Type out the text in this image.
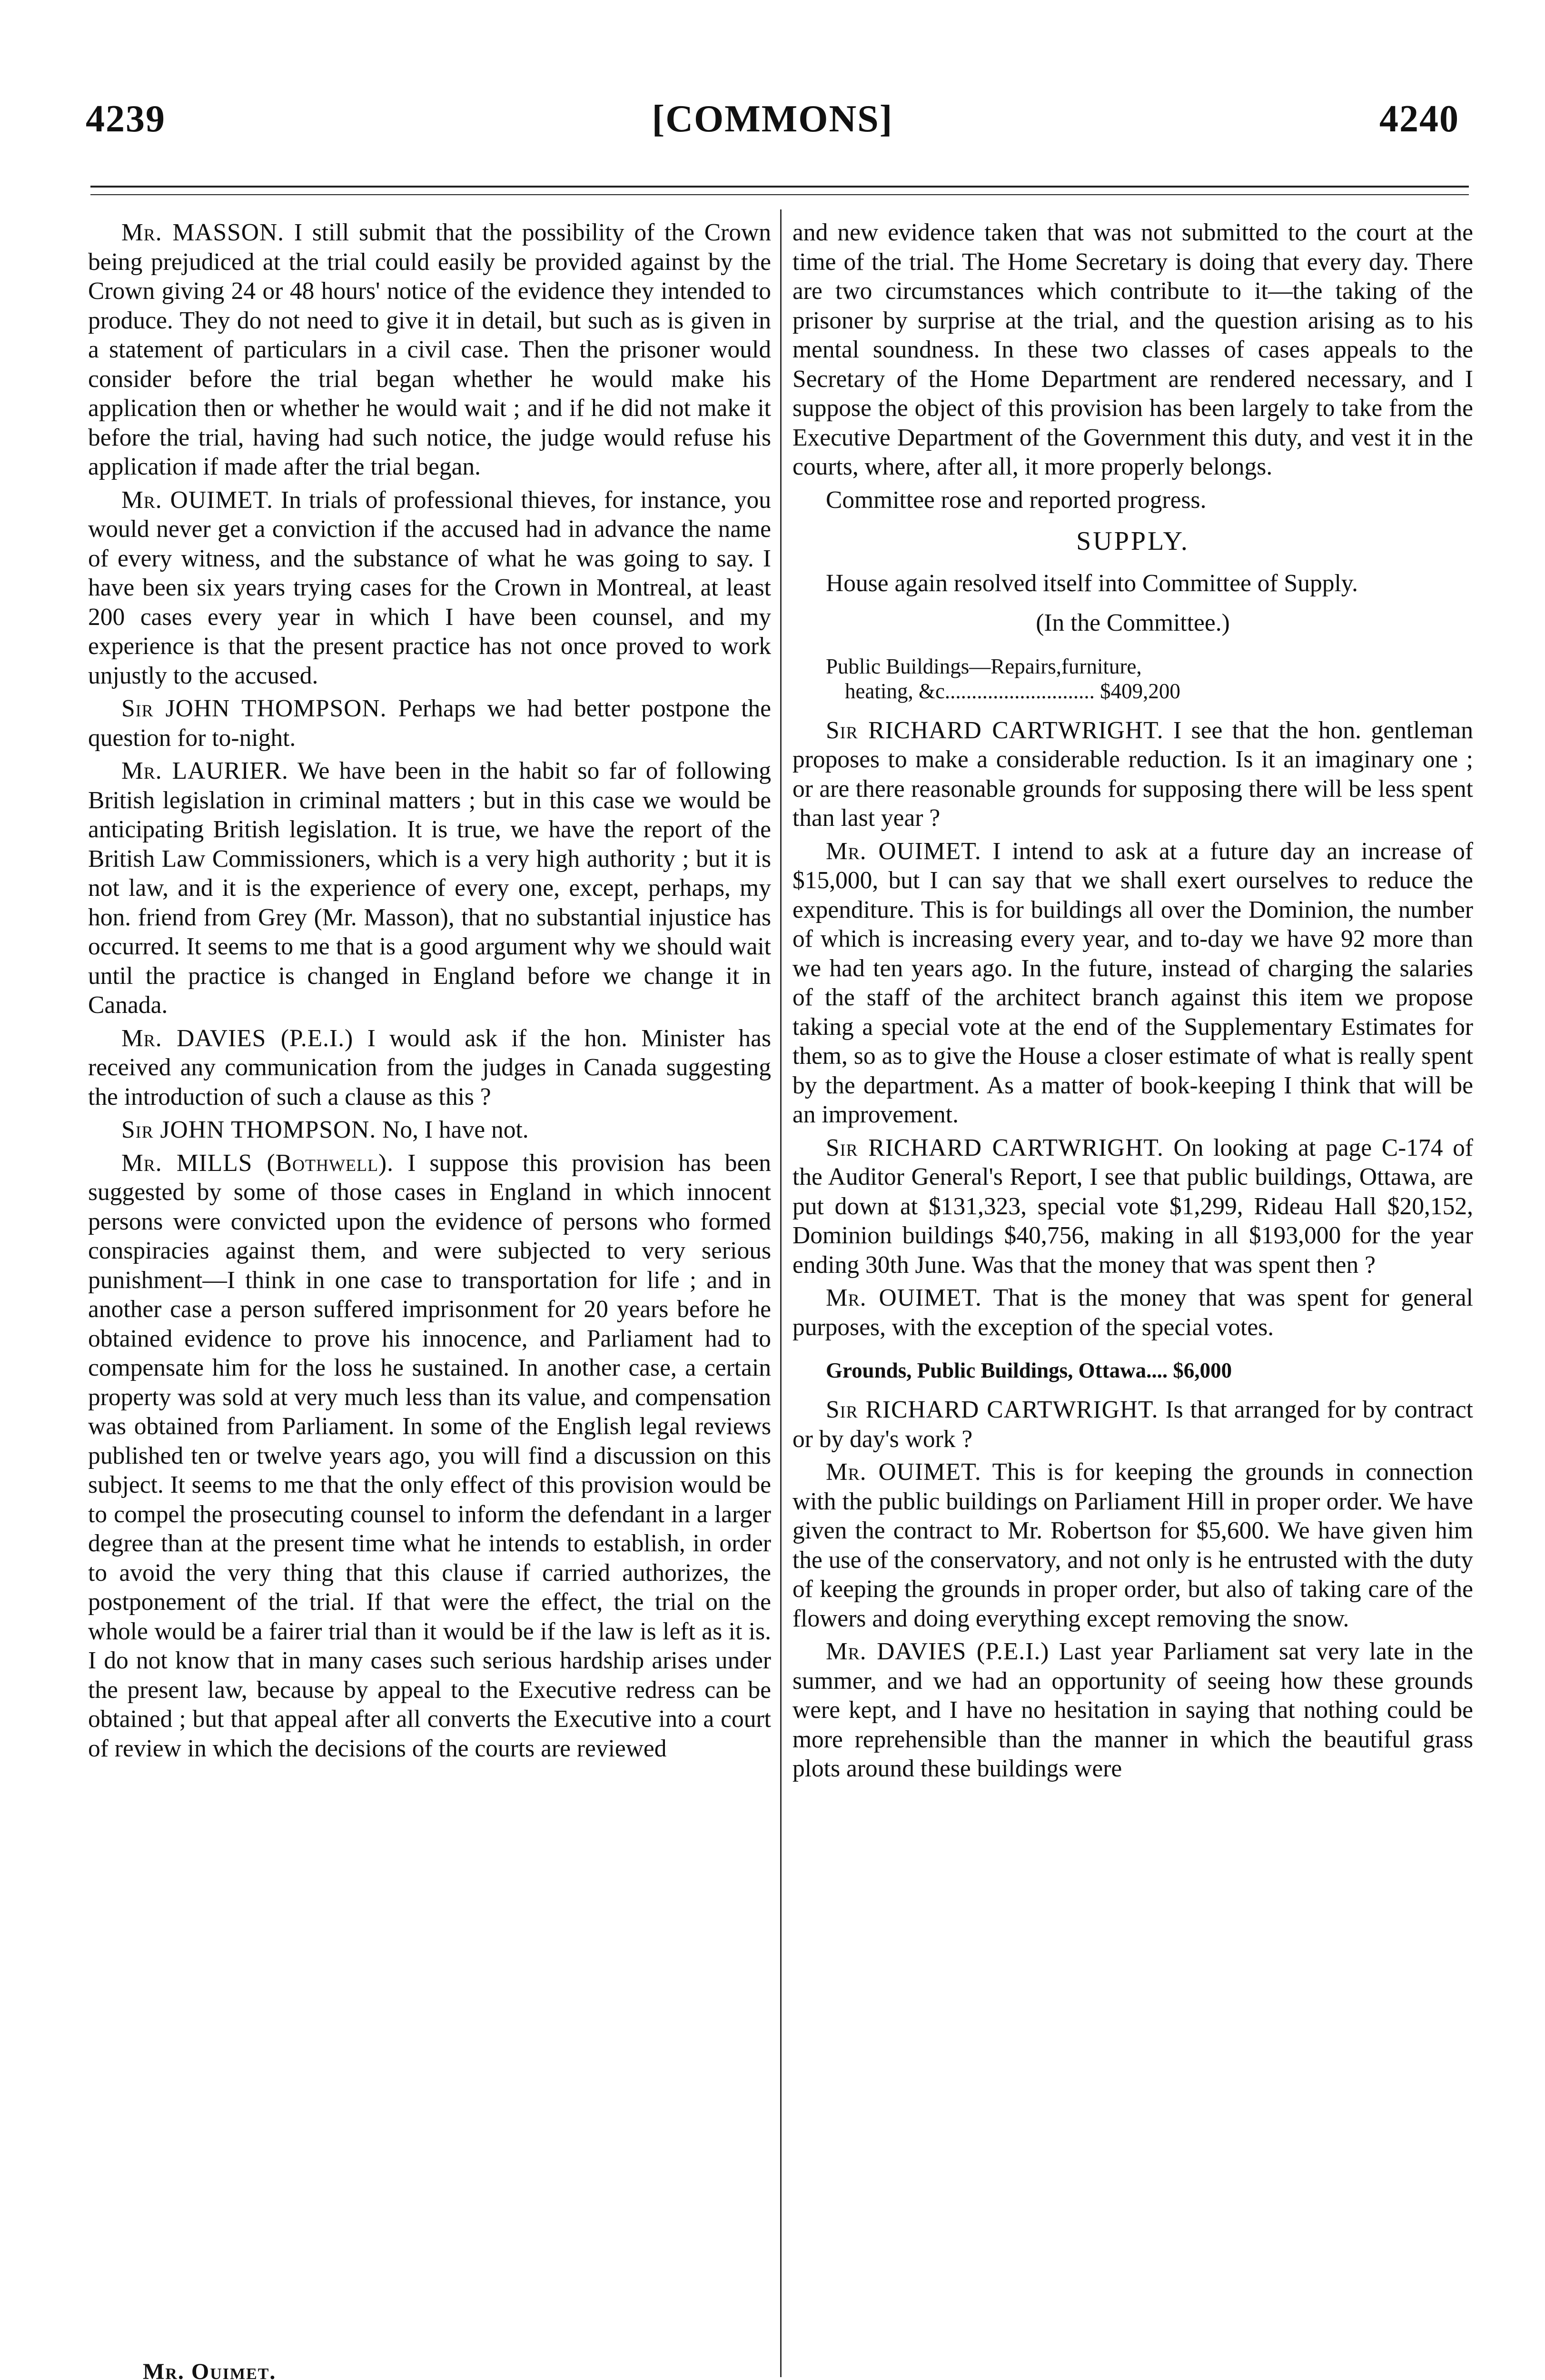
4239	[COMMONS]	4240

Mr. MASSON. I still submit that the possibility of the Crown being prejudiced at the trial could easily be provided against by the Crown giving 24 or 48 hours' notice of the evidence they intended to produce. They do not need to give it in detail, but such as is given in a statement of particulars in a civil case. Then the prisoner would consider before the trial began whether he would make his application then or whether he would wait ; and if he did not make it before the trial, having had such notice, the judge would refuse his application if made after the trial began.

Mr. OUIMET. In trials of professional thieves, for instance, you would never get a conviction if the accused had in advance the name of every witness, and the substance of what he was going to say. I have been six years trying cases for the Crown in Montreal, at least 200 cases every year in which I have been counsel, and my experience is that the present practice has not once proved to work unjustly to the accused.

Sir JOHN THOMPSON. Perhaps we had better postpone the question for to-night.

Mr. LAURIER. We have been in the habit so far of following British legislation in criminal matters ; but in this case we would be anticipating British legislation. It is true, we have the report of the British Law Commissioners, which is a very high authority ; but it is not law, and it is the experience of every one, except, perhaps, my hon. friend from Grey (Mr. Masson), that no substantial injustice has occurred. It seems to me that is a good argument why we should wait until the practice is changed in England before we change it in Canada.

Mr. DAVIES (P.E.I.) I would ask if the hon. Minister has received any communication from the judges in Canada suggesting the introduction of such a clause as this ?

Sir JOHN THOMPSON. No, I have not.

Mr. MILLS (Bothwell). I suppose this provision has been suggested by some of those cases in England in which innocent persons were convicted upon the evidence of persons who formed conspiracies against them, and were subjected to very serious punishment—I think in one case to transportation for life ; and in another case a person suffered imprisonment for 20 years before he obtained evidence to prove his innocence, and Parliament had to compensate him for the loss he sustained. In another case, a certain property was sold at very much less than its value, and compensation was obtained from Parliament. In some of the English legal reviews published ten or twelve years ago, you will find a discussion on this subject. It seems to me that the only effect of this provision would be to compel the prosecuting counsel to inform the defendant in a larger degree than at the present time what he intends to establish, in order to avoid the very thing that this clause if carried authorizes, the postponement of the trial. If that were the effect, the trial on the whole would be a fairer trial than it would be if the law is left as it is. I do not know that in many cases such serious hardship arises under the present law, because by appeal to the Executive redress can be obtained ; but that appeal after all converts the Executive into a court of review in which the decisions of the courts are reviewed

and new evidence taken that was not submitted to the court at the time of the trial. The Home Secretary is doing that every day. There are two circumstances which contribute to it—the taking of the prisoner by surprise at the trial, and the question arising as to his mental soundness. In these two classes of cases appeals to the Secretary of the Home Department are rendered necessary, and I suppose the object of this provision has been largely to take from the Executive Department of the Government this duty, and vest it in the courts, where, after all, it more properly belongs.

Committee rose and reported progress.

SUPPLY.

House again resolved itself into Committee of Supply.

(In the Committee.)
Public Buildings—Repairs,furniture,
heating, &c............................ $409,200

Sir RICHARD CARTWRIGHT. I see that the hon. gentleman proposes to make a considerable reduction. Is it an imaginary one ; or are there reasonable grounds for supposing there will be less spent than last year ?

Mr. OUIMET. I intend to ask at a future day an increase of $15,000, but I can say that we shall exert ourselves to reduce the expenditure. This is for buildings all over the Dominion, the number of which is increasing every year, and to-day we have 92 more than we had ten years ago. In the future, instead of charging the salaries of the staff of the architect branch against this item we propose taking a special vote at the end of the Supplementary Estimates for them, so as to give the House a closer estimate of what is really spent by the department. As a matter of book-keeping I think that will be an improvement.

Sir RICHARD CARTWRIGHT. On looking at page C-174 of the Auditor General's Report, I see that public buildings, Ottawa, are put down at $131,323, special vote $1,299, Rideau Hall $20,152, Dominion buildings $40,756, making in all $193,000 for the year ending 30th June. Was that the money that was spent then ?

Mr. OUIMET. That is the money that was spent for general purposes, with the exception of the special votes.

Grounds, Public Buildings, Ottawa.... $6,000

Sir RICHARD CARTWRIGHT. Is that arranged for by contract or by day's work ?

Mr. OUIMET. This is for keeping the grounds in connection with the public buildings on Parliament Hill in proper order. We have given the contract to Mr. Robertson for $5,600. We have given him the use of the conservatory, and not only is he entrusted with the duty of keeping the grounds in proper order, but also of taking care of the flowers and doing everything except removing the snow.

Mr. DAVIES (P.E.I.) Last year Parliament sat very late in the summer, and we had an opportunity of seeing how these grounds were kept, and I have no hesitation in saying that nothing could be more reprehensible than the manner in which the beautiful grass plots around these buildings were

Mr. Ouimet.
